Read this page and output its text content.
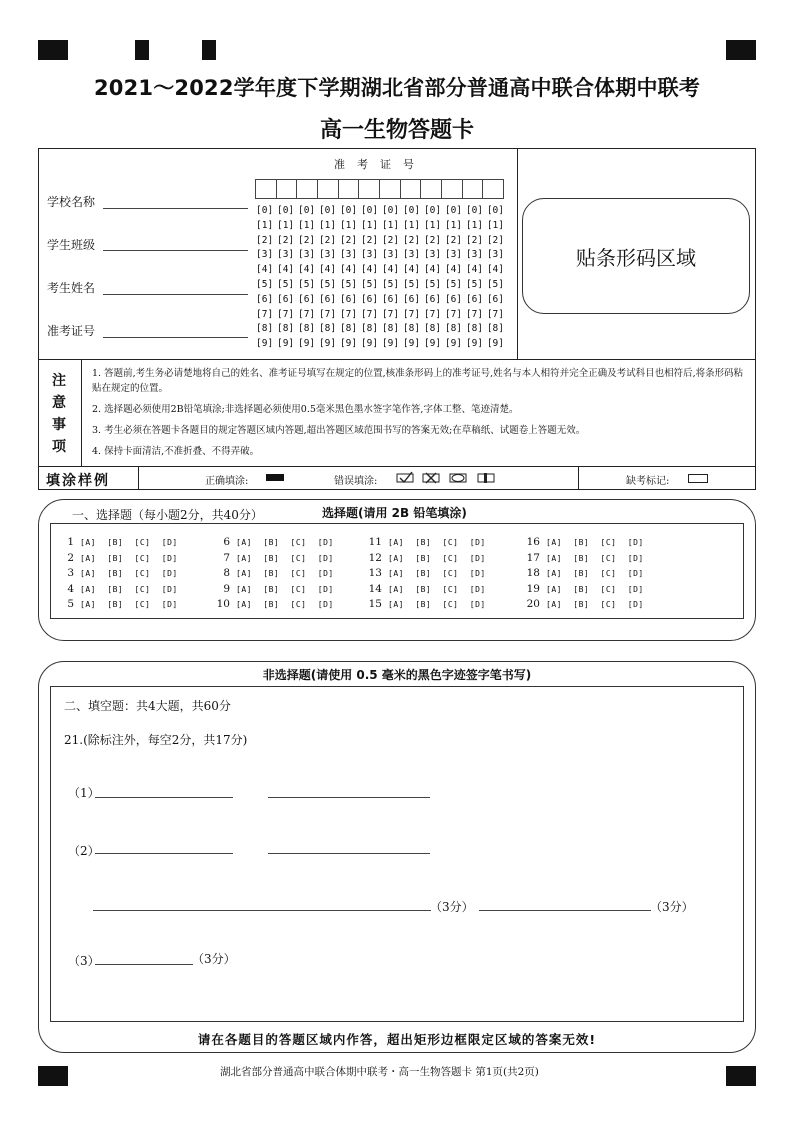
2021～2022学年度下学期湖北省部分普通高中联合体期中联考
高一生物答题卡
学校名称
学生班级
考生姓名
准考证号
准考证号
[0] [0] [0] [0] [0] [0] [0] [0] [0] [0] [0] [0]
[1] [1] [1] [1] [1] [1] [1] [1] [1] [1] [1] [1]
[2] [2] [2] [2] [2] [2] [2] [2] [2] [2] [2] [2]
[3] [3] [3] [3] [3] [3] [3] [3] [3] [3] [3] [3]
[4] [4] [4] [4] [4] [4] [4] [4] [4] [4] [4] [4]
[5] [5] [5] [5] [5] [5] [5] [5] [5] [5] [5] [5]
[6] [6] [6] [6] [6] [6] [6] [6] [6] [6] [6] [6]
[7] [7] [7] [7] [7] [7] [7] [7] [7] [7] [7] [7]
[8] [8] [8] [8] [8] [8] [8] [8] [8] [8] [8] [8]
[9] [9] [9] [9] [9] [9] [9] [9] [9] [9] [9] [9]
贴条形码区域
注
意
事
项

1. 答题前,考生务必请楚地将自己的姓名、准考证号填写在规定的位置,核准条形码上的准考证号,姓名与本人相符并完全正确及考试科目也相符后,将条形码粘贴在规定的位置。

2. 选择题必须使用2B铅笔填涂;非选择题必须使用0.5毫米黑色墨水签字笔作答,字体工整、笔迹清楚。

3. 考生必须在答题卡各题目的规定答题区域内答题,超出答题区域范围书写的答案无效;在草稿纸、试题卷上答题无效。

4. 保持卡面清洁,不准折叠、不得弄破。

填涂样例	正确填涂:	错误填涂:	缺考标记:
一、选择题（每小题2分，共40分）	选择题(请用 2B 铅笔填涂)
1 [A] [B] [C] [D]
2 [A] [B] [C] [D]
3 [A] [B] [C] [D]
4 [A] [B] [C] [D]
5 [A] [B] [C] [D]
6 [A] [B] [C] [D]
7 [A] [B] [C] [D]
8 [A] [B] [C] [D]
9 [A] [B] [C] [D]
10 [A] [B] [C] [D]
11 [A] [B] [C] [D]
12 [A] [B] [C] [D]
13 [A] [B] [C] [D]
14 [A] [B] [C] [D]
15 [A] [B] [C] [D]
16 [A] [B] [C] [D]
17 [A] [B] [C] [D]
18 [A] [B] [C] [D]
19 [A] [B] [C] [D]
20 [A] [B] [C] [D]
非选择题(请使用 0.5 毫米的黑色字迹签字笔书写)
二、填空题：共4大题，共60分
21.(除标注外，每空2分，共17分)
（1）
（2）
（3分）	（3分）
（3）	（3分）
请在各题目的答题区域内作答，超出矩形边框限定区域的答案无效!
湖北省部分普通高中联合体期中联考・高一生物答题卡 第1页(共2页)
